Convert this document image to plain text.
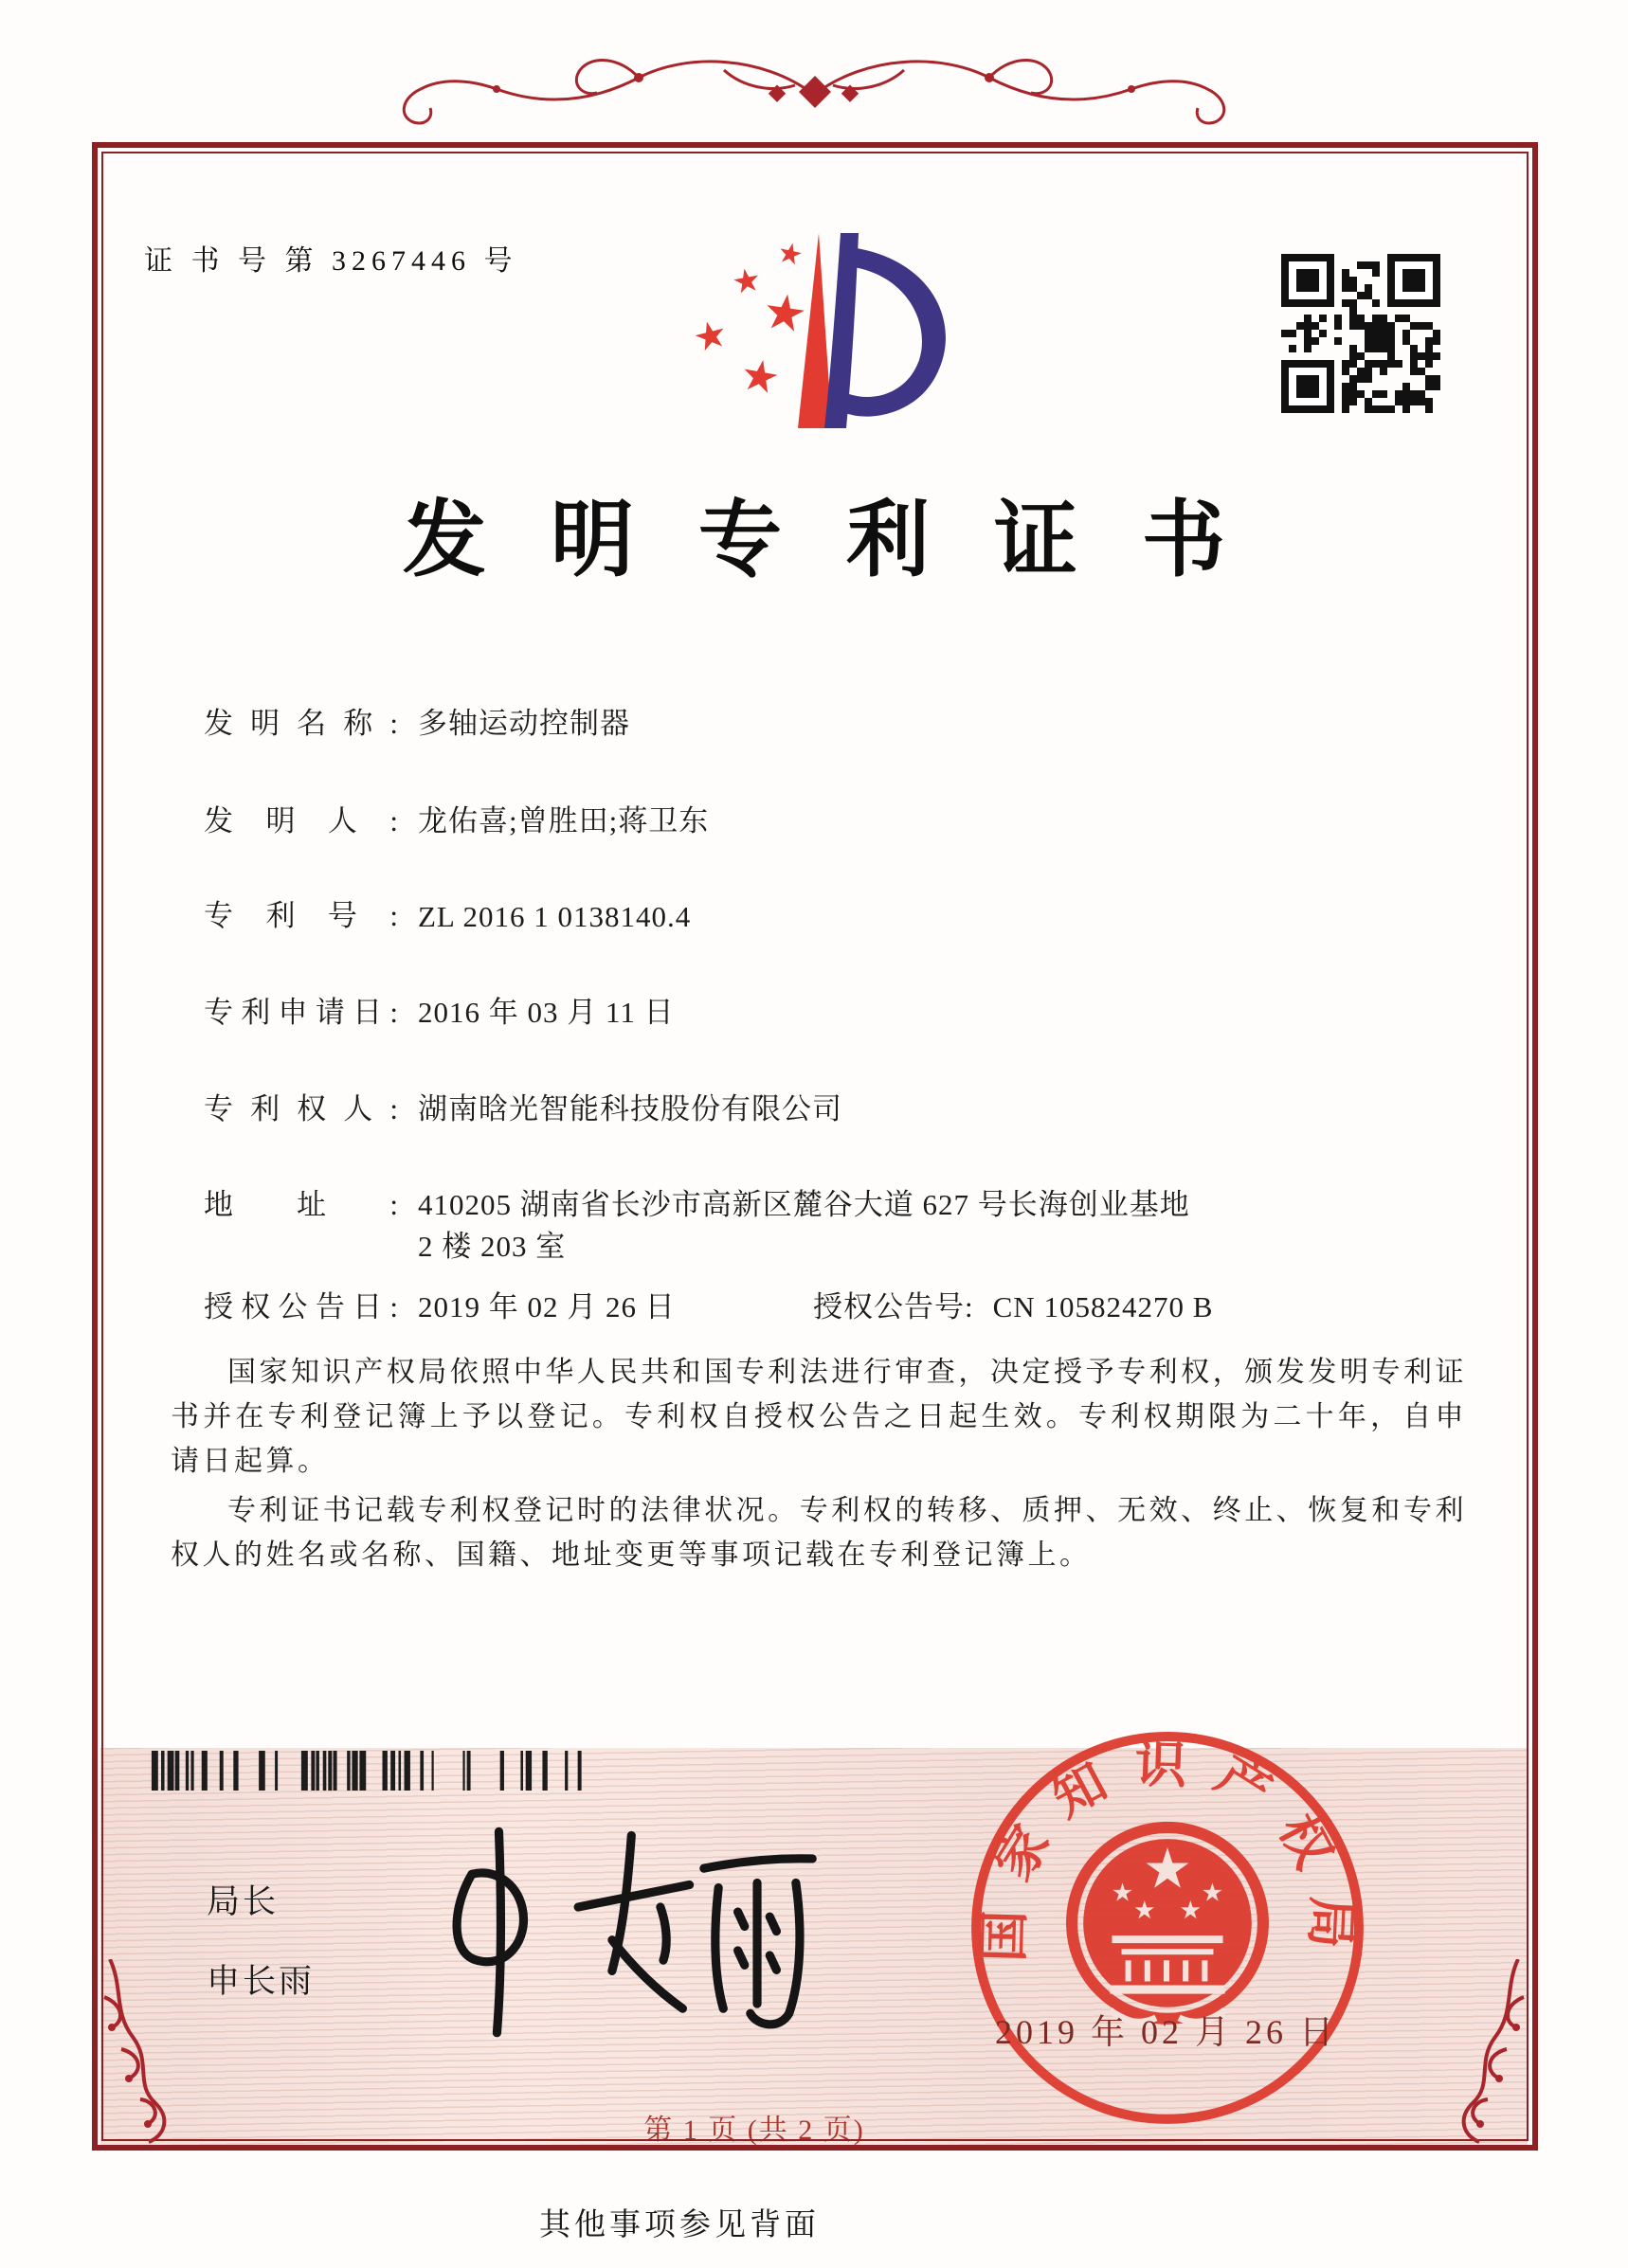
局长
申长雨
国家知识产权局
★
★
★ ★
★
2019 年 02 月 26 日
第 1 页 (共 2 页)
证 书 号 第 3267446 号	★
★
★
★
★
发明专利证书
发明名称: 多轴运动控制器
发明人: 龙佑喜;曾胜田;蒋卫东
专利号: ZL 2016 1 0138140.4
专利申请日: 2016 年 03 月 11 日
专利权人: 湖南晗光智能科技股份有限公司
地址: 410205 湖南省长沙市高新区麓谷大道 627 号长海创业基地
2 楼 203 室
授权公告日: 2019 年 02 月 26 日	授权公告号: CN 105824270 B

国家知识产权局依照中华人民共和国专利法进行审查，决定授予专利权，颁发发明专利证书并在专利登记簿上予以登记。专利权自授权公告之日起生效。专利权期限为二十年，自申请日起算。

专利证书记载专利权登记时的法律状况。专利权的转移、质押、无效、终止、恢复和专利权人的姓名或名称、国籍、地址变更等事项记载在专利登记簿上。

其他事项参见背面
